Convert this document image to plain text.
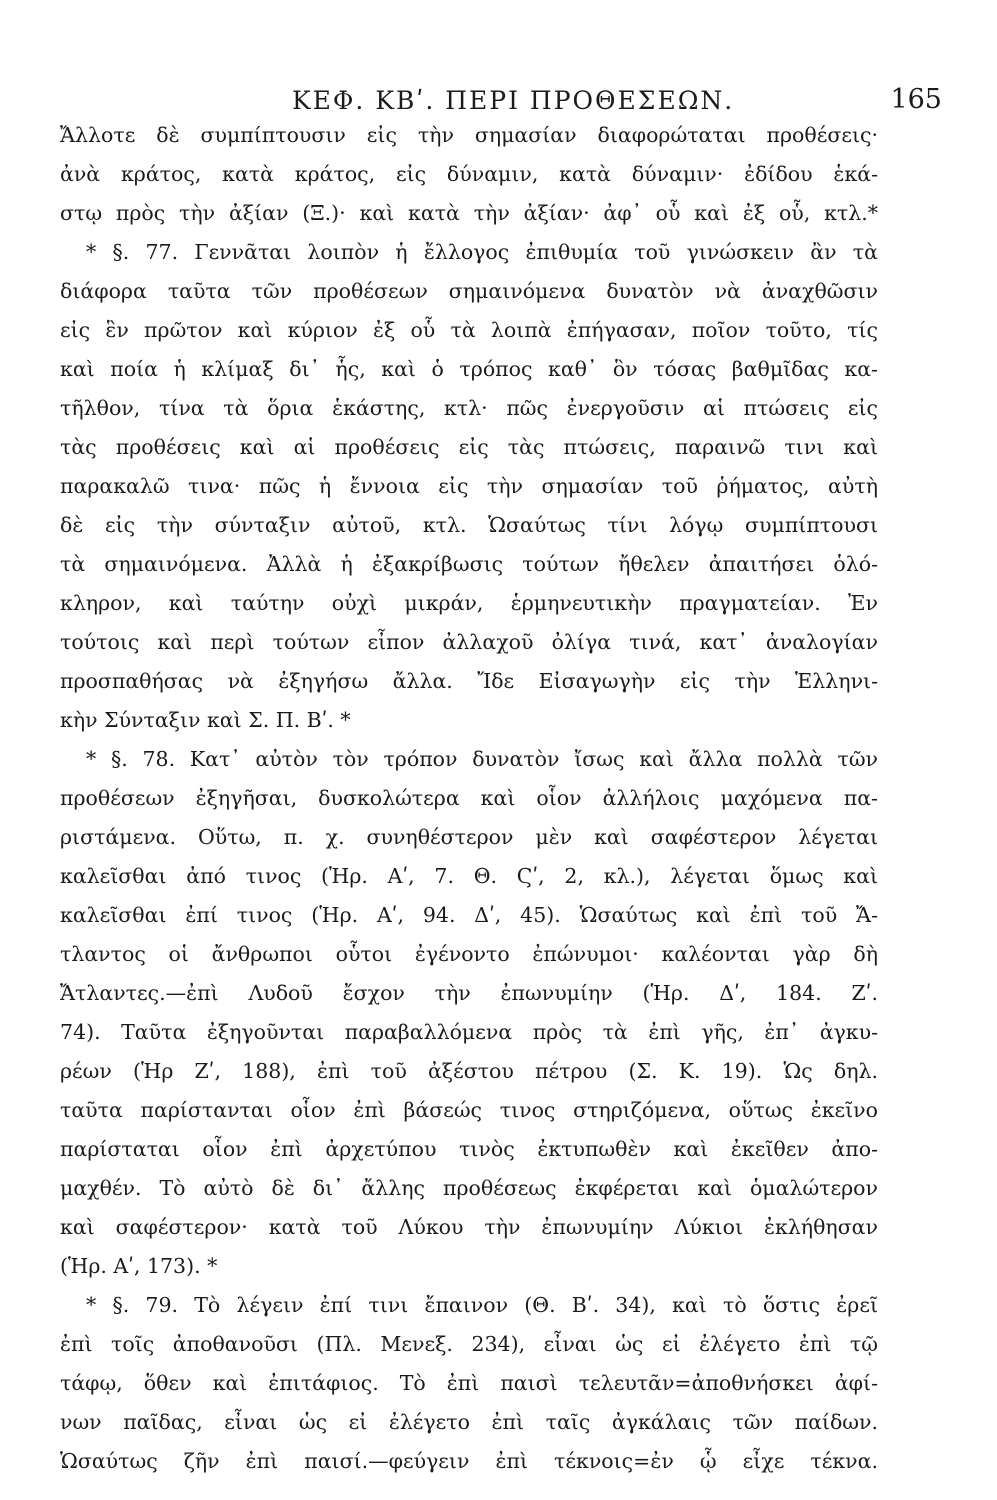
ΚΕΦ. ΚΒʹ. ΠΕΡΙ ΠΡΟΘΕΣΕΩΝ.	165
Ἄλλοτε δὲ συμπίπτουσιν εἰς τὴν σημασίαν διαφορώταται προθέσεις·
ἀνὰ κράτος, κατὰ κράτος, εἰς δύναμιν, κατὰ δύναμιν· ἐδίδου ἑκά-
στῳ πρὸς τὴν ἀξίαν (Ξ.)· καὶ κατὰ τὴν ἀξίαν· ἀφ᾽ οὗ καὶ ἐξ οὗ, κτλ.*
* §. 77. Γεννᾶται λοιπὸν ἡ ἔλλογος ἐπιθυμία τοῦ γινώσκειν ἂν τὰ
διάφορα ταῦτα τῶν προθέσεων σημαινόμενα δυνατὸν νὰ ἀναχθῶσιν
εἰς ἓν πρῶτον καὶ κύριον ἐξ οὗ τὰ λοιπὰ ἐπήγασαν, ποῖον τοῦτο, τίς
καὶ ποία ἡ κλίμαξ δι᾽ ἧς, καὶ ὁ τρόπος καθ᾽ ὃν τόσας βαθμῖδας κα-
τῆλθον, τίνα τὰ ὅρια ἑκάστης, κτλ· πῶς ἐνεργοῦσιν αἱ πτώσεις εἰς
τὰς προθέσεις καὶ αἱ προθέσεις εἰς τὰς πτώσεις, παραινῶ τινι καὶ
παρακαλῶ τινα· πῶς ἡ ἔννοια εἰς τὴν σημασίαν τοῦ ῥήματος, αὐτὴ
δὲ εἰς τὴν σύνταξιν αὐτοῦ, κτλ. Ὡσαύτως τίνι λόγῳ συμπίπτουσι
τὰ σημαινόμενα. Ἀλλὰ ἡ ἐξακρίβωσις τούτων ἤθελεν ἀπαιτήσει ὁλό-
κληρον, καὶ ταύτην οὐχὶ μικράν, ἑρμηνευτικὴν πραγματείαν. Ἐν
τούτοις καὶ περὶ τούτων εἶπον ἀλλαχοῦ ὀλίγα τινά, κατ᾽ ἀναλογίαν
προσπαθήσας νὰ ἐξηγήσω ἄλλα. Ἴδε Εἰσαγωγὴν εἰς τὴν Ἑλληνι-
κὴν Σύνταξιν καὶ Σ. Π. Βʹ. *
* §. 78. Κατ᾽ αὐτὸν τὸν τρόπον δυνατὸν ἴσως καὶ ἄλλα πολλὰ τῶν
προθέσεων ἐξηγῆσαι, δυσκολώτερα καὶ οἷον ἀλλήλοις μαχόμενα πα-
ριστάμενα. Οὕτω, π. χ. συνηθέστερον μὲν καὶ σαφέστερον λέγεται
καλεῖσθαι ἀπό τινος (Ἡρ. Αʹ, 7. Θ. Ϛʹ, 2, κλ.), λέγεται ὅμως καὶ
καλεῖσθαι ἐπί τινος (Ἡρ. Αʹ, 94. Δʹ, 45). Ὡσαύτως καὶ ἐπὶ τοῦ Ἄ-
τλαντος οἱ ἄνθρωποι οὗτοι ἐγένοντο ἐπώνυμοι· καλέονται γὰρ δὴ
Ἄτλαντες.—ἐπὶ Λυδοῦ ἔσχον τὴν ἐπωνυμίην (Ἡρ. Δʹ, 184. Ζʹ.
74). Ταῦτα ἐξηγοῦνται παραβαλλόμενα πρὸς τὰ ἐπὶ γῆς, ἐπ᾽ ἀγκυ-
ρέων (Ἡρ Ζʹ, 188), ἐπὶ τοῦ ἀξέστου πέτρου (Σ. Κ. 19). Ὡς δηλ.
ταῦτα παρίστανται οἷον ἐπὶ βάσεώς τινος στηριζόμενα, οὕτως ἐκεῖνο
παρίσταται οἷον ἐπὶ ἀρχετύπου τινὸς ἐκτυπωθὲν καὶ ἐκεῖθεν ἀπο-
μαχθέν. Τὸ αὐτὸ δὲ δι᾽ ἄλλης προθέσεως ἐκφέρεται καὶ ὁμαλώτερον
καὶ σαφέστερον· κατὰ τοῦ Λύκου τὴν ἐπωνυμίην Λύκιοι ἐκλήθησαν
(Ἡρ. Αʹ, 173). *
* §. 79. Τὸ λέγειν ἐπί τινι ἔπαινον (Θ. Βʹ. 34), καὶ τὸ ὅστις ἐρεῖ
ἐπὶ τοῖς ἀποθανοῦσι (Πλ. Μενεξ. 234), εἶναι ὡς εἰ ἐλέγετο ἐπὶ τῷ
τάφῳ, ὅθεν καὶ ἐπιτάφιος. Τὸ ἐπὶ παισὶ τελευτᾶν=ἀποθνήσκει ἀφί-
νων παῖδας, εἶναι ὡς εἰ ἐλέγετο ἐπὶ ταῖς ἀγκάλαις τῶν παίδων.
Ὡσαύτως ζῆν ἐπὶ παισί.—φεύγειν ἐπὶ τέκνοις=ἐν ᾧ εἶχε τέκνα.
